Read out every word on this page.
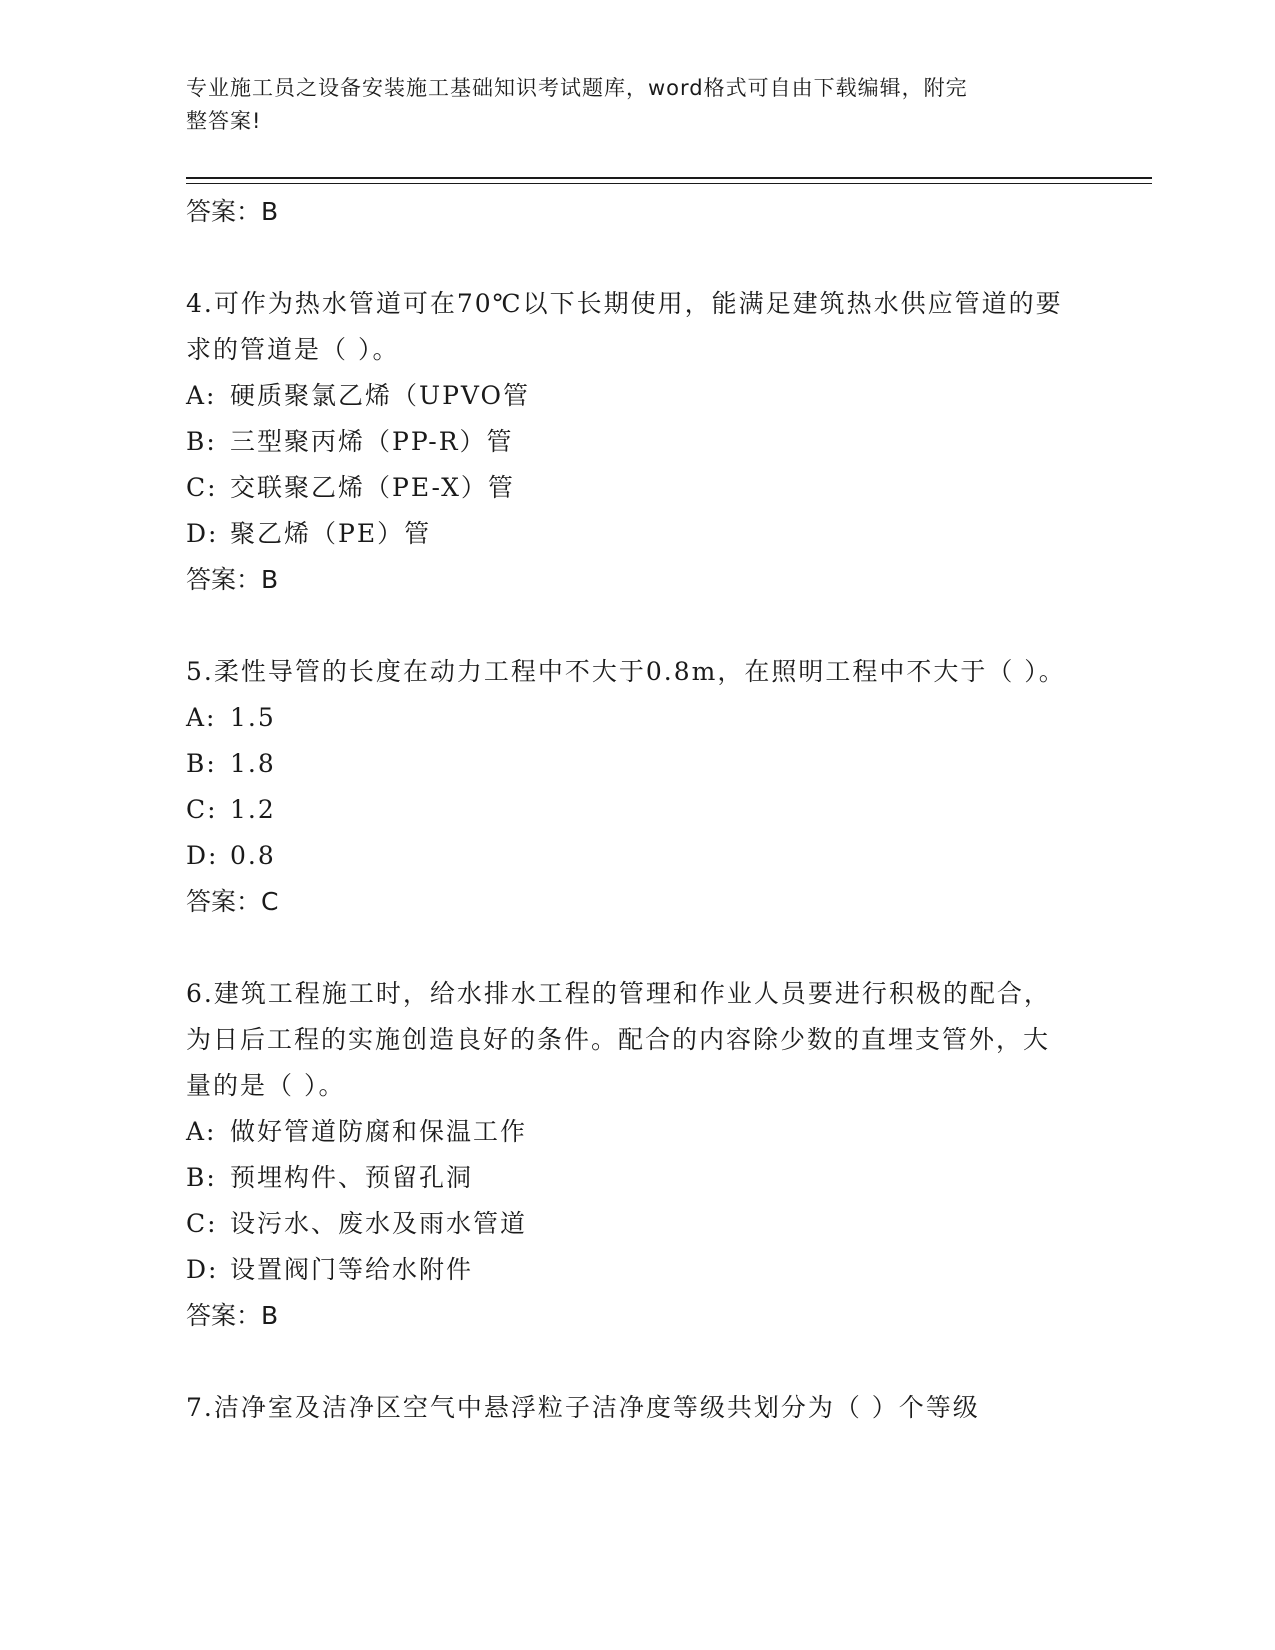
专业施工员之设备安装施工基础知识考试题库，word格式可自由下载编辑，附完
整答案!
答案：B
4.可作为热水管道可在70℃以下长期使用，能满足建筑热水供应管道的要求的管道是（ ）。
A: 硬质聚氯乙烯（UPVO管
B: 三型聚丙烯（PP-R）管
C: 交联聚乙烯（PE-X）管
D: 聚乙烯（PE）管
答案：B
5.柔性导管的长度在动力工程中不大于0.8m，在照明工程中不大于（ ）。
A: 1.5
B: 1.8
C: 1.2
D: 0.8
答案：C
6.建筑工程施工时，给水排水工程的管理和作业人员要进行积极的配合，为日后工程的实施创造良好的条件。配合的内容除少数的直埋支管外，大量的是（ ）。
A: 做好管道防腐和保温工作
B: 预埋构件、预留孔洞
C: 设污水、废水及雨水管道
D: 设置阀门等给水附件
答案：B
7.洁净室及洁净区空气中悬浮粒子洁净度等级共划分为（ ）个等级
